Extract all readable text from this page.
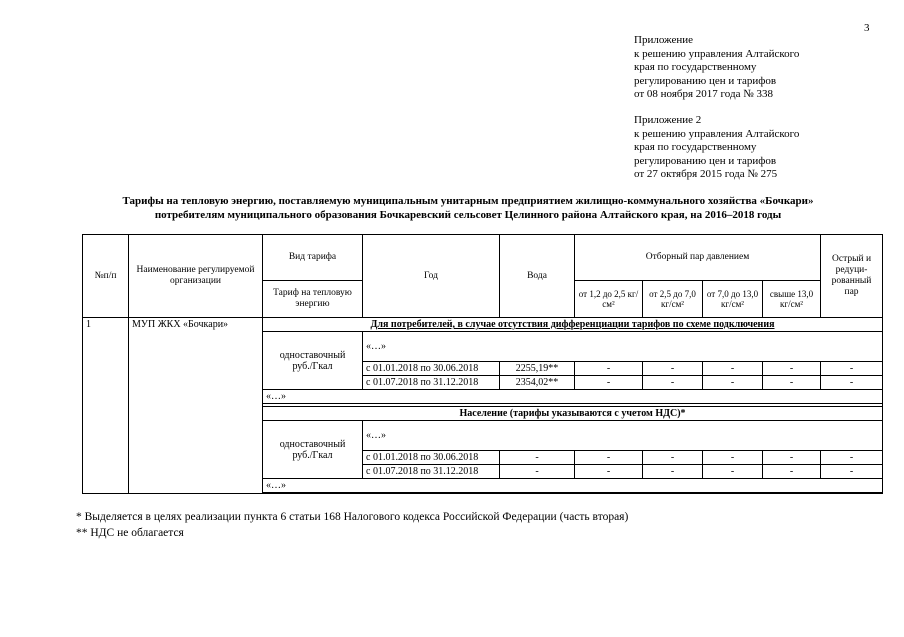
3
Приложение
к решению управления Алтайского
края по государственному
регулированию цен и тарифов
от 08 ноября 2017 года № 338
Приложение 2
к решению управления Алтайского
края по государственному
регулированию цен и тарифов
от 27 октября 2015 года № 275
Тарифы на тепловую энергию, поставляемую муниципальным унитарным предприятием жилищно-коммунального хозяйства «Бочкари»
потребителям муниципального образования Бочкаревский сельсовет Целинного района Алтайского края, на 2016–2018 годы
№п/п	Наименование регулируемой организации	Вид тарифа	Год	Вода	Отборный пар давлением				Острый и редуци-рованный пар
		Тариф на тепловую энергию			от 1,2 до 2,5 кг/см²	от 2,5 до 7,0 кг/см²	от 7,0 до 13,0 кг/см²	свыше 13,0 кг/см²	
1	МУП ЖКХ «Бочкари»	Для потребителей, в случае отсутствия дифференциации тарифов по схеме подключения							

		одноставочный
руб./Гкал	«…»						
			с 01.01.2018 по 30.06.2018	2255,19**	-	-	-	-	-
			с 01.07.2018 по 31.12.2018	2354,02**	-	-	-	-	-
		«…»							

		Население (тарифы указываются с учетом НДС)*							

		одноставочный
руб./Гкал	«…»						
			с 01.01.2018 по 30.06.2018	-	-	-	-	-	-
			с 01.07.2018 по 31.12.2018	-	-	-	-	-	-
		«…»							

* Выделяется в целях реализации пункта 6 статьи 168 Налогового кодекса Российской Федерации (часть вторая)
** НДС не облагается
